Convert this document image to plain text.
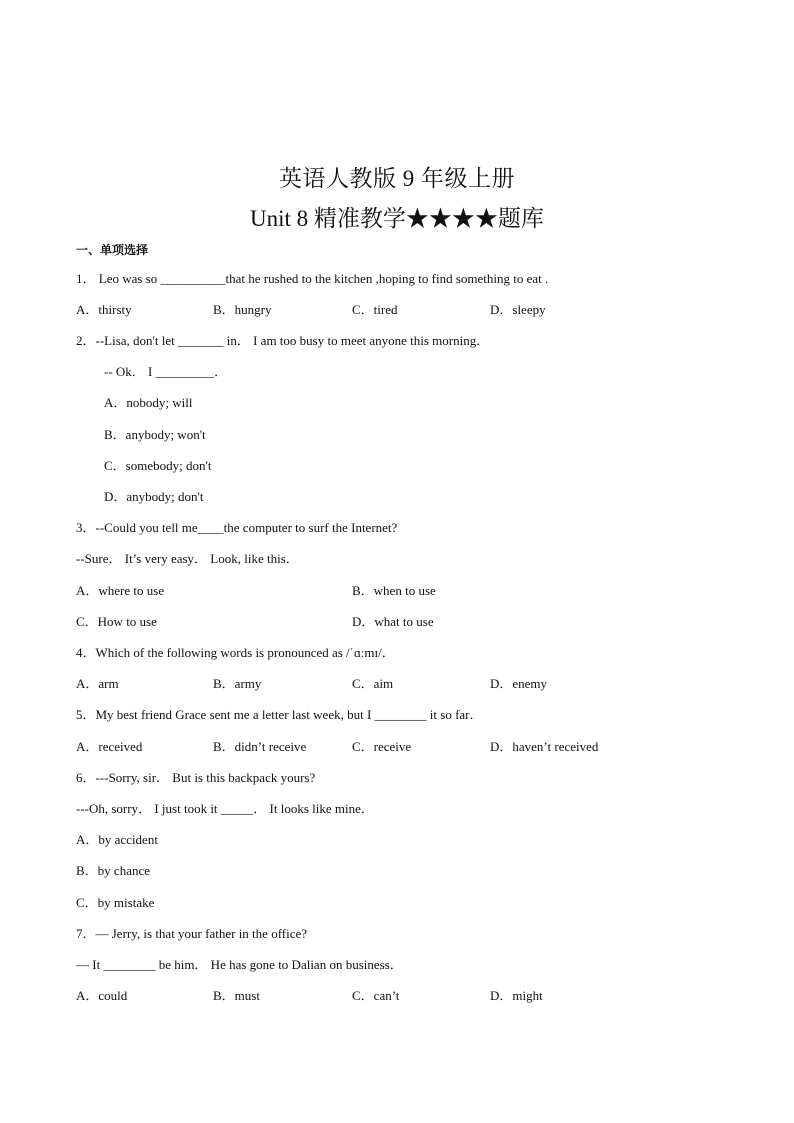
英语人教版 9 年级上册
Unit 8 精准教学★★★★题库
一、单项选择
1． Leo was so __________that he rushed to the kitchen ,hoping to find something to eat .
A．thirsty	B．hungry	C．tired	D．sleepy
2．--Lisa, don't let _______ in． I am too busy to meet anyone this morning．
-- Ok． I _________．
A．nobody; will
B．anybody; won't
C．somebody; don't
D．anybody; don't
3．--Could you tell me____the computer to surf the Internet?
--Sure． It’s very easy． Look, like this．
A．where to use	B．when to use
C．How to use	D．what to use
4．Which of the following words is pronounced as /ˈɑːmɪ/．
A．arm	B．army	C．aim	D．enemy
5．My best friend Grace sent me a letter last week, but I ________ it so far．
A．received	B．didn’t receive	C．receive	D．haven’t received
6．---Sorry, sir． But is this backpack yours?
---Oh, sorry． I just took it _____． It looks like mine．
A．by accident
B．by chance
C．by mistake
7．— Jerry, is that your father in the office?
— It ________ be him． He has gone to Dalian on business．
A．could	B．must	C．can’t	D．might
